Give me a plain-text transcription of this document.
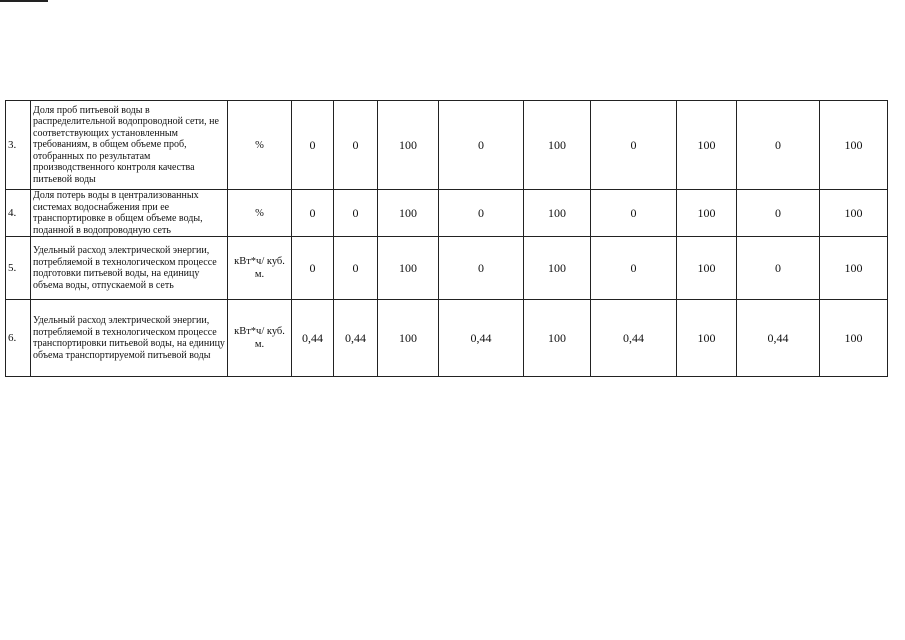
3.	Доля проб питьевой воды в распределительной водопроводной сети, не соответствующих установленным требованиям, в общем объеме проб, отобранных по результатам производственного контроля качества питьевой воды	%	0	0	100	0	100	0	100	0	100
4.	Доля потерь воды в централизованных системах водоснабжения при ее транспортировке в общем объеме воды, поданной в водопроводную сеть	%	0	0	100	0	100	0	100	0	100
5.	Удельный расход электрической энергии, потребляемой в технологическом процессе подготовки питьевой воды, на единицу объема воды, отпускаемой в сеть	кВт*ч/ куб. м.	0	0	100	0	100	0	100	0	100
6.	Удельный расход электрической энергии, потребляемой в технологическом процессе транспортировки питьевой воды, на единицу объема транспортируемой питьевой воды	кВт*ч/ куб. м.	0,44	0,44	100	0,44	100	0,44	100	0,44	100
